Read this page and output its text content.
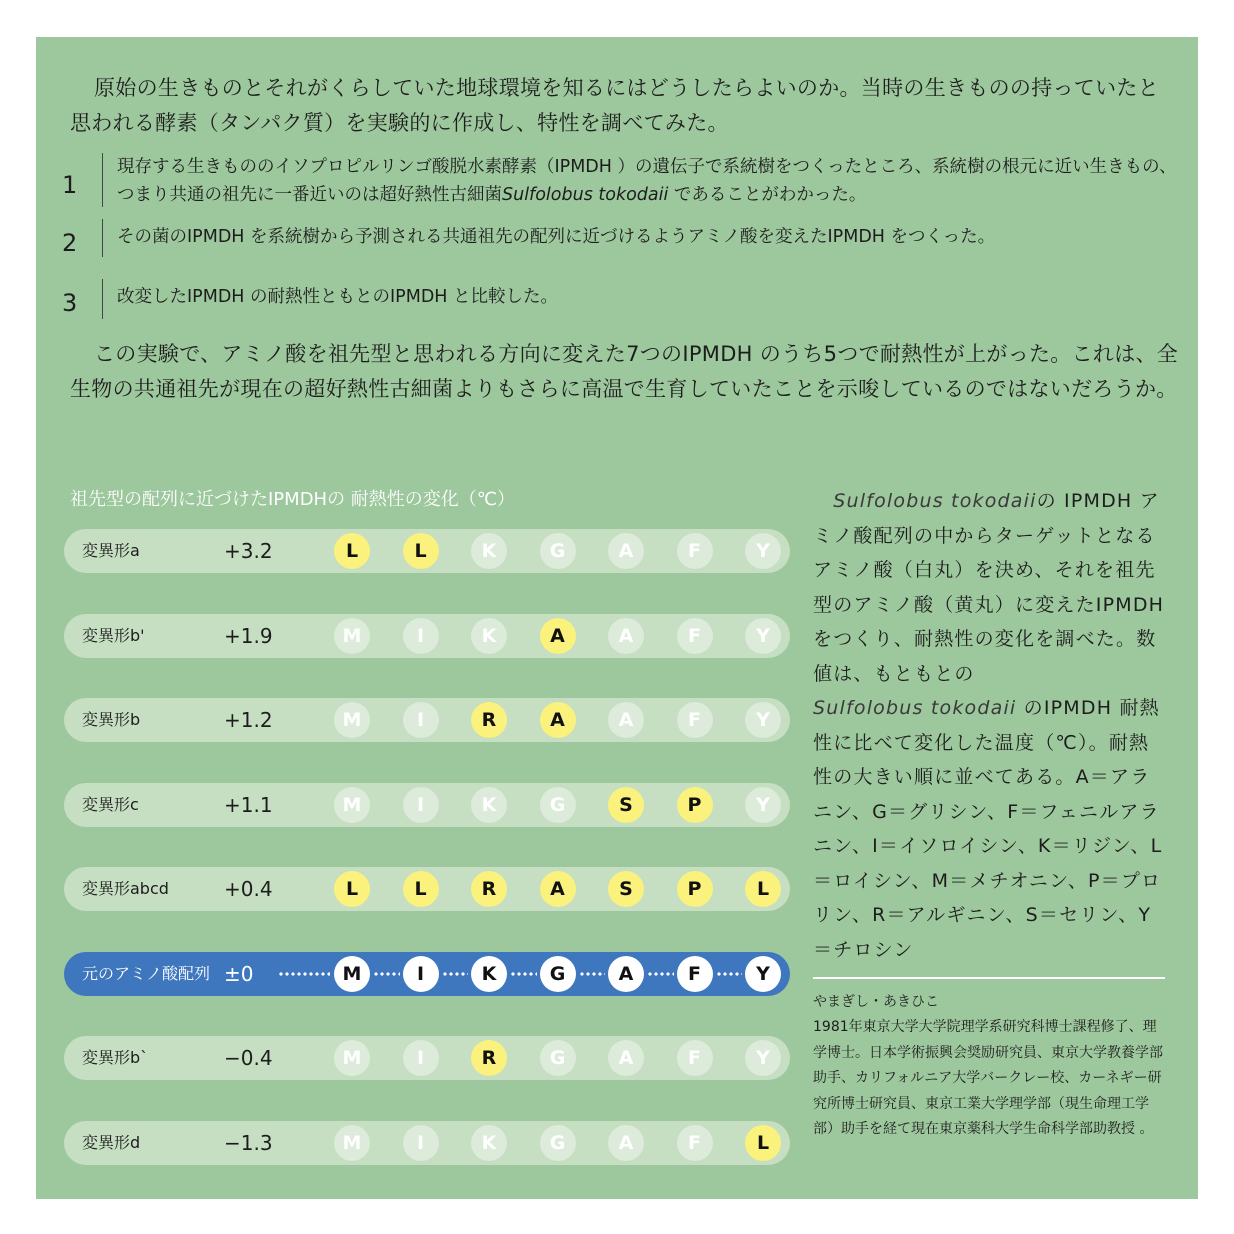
原始の生きものとそれがくらしていた地球環境を知るにはどうしたらよいのか。当時の生きものの持っていたと思われる酵素（タンパク質）を実験的に作成し、特性を調べてみた。

1

現存する生きもののイソプロピルリンゴ酸脱水素酵素（IPMDH ）の遺伝子で系統樹をつくったところ、系統樹の根元に近い生きもの、つまり共通の祖先に一番近いのは超好熱性古細菌Sulfolobus tokodaii であることがわかった。

2	その菌のIPMDH を系統樹から予測される共通祖先の配列に近づけるようアミノ酸を変えたIPMDH をつくった。

3	改変したIPMDH の耐熱性ともとのIPMDH と比較した。

この実験で、アミノ酸を祖先型と思われる方向に変えた7つのIPMDH のうち5つで耐熱性が上がった。これは、全生物の共通祖先が現在の超好熱性古細菌よりもさらに高温で生育していたことを示唆しているのではないだろうか。

祖先型の配列に近づけたIPMDHの 耐熱性の変化（℃）

変異形a	+3.2	L	L	K	G	A	F	Y
変異形b'	+1.9	M	I	K	A	A	F	Y
変異形b	+1.2	M	I	R	A	A	F	Y
変異形c	+1.1	M	I	K	G	S	P	Y
変異形abcd	+0.4	L	L	R	A	S	P	L
元のアミノ酸配列 ±0	M	I	K	G	A	F	Y
変異形b`	−0.4	M	I	R	G	A	F	Y
変異形d	−1.3	M	I	K	G	A	F	L

　Sulfolobus tokodaiiの IPMDH アミノ酸配列の中からターゲットとなるアミノ酸（白丸）を決め、それを祖先型のアミノ酸（黄丸）に変えたIPMDHをつくり、耐熱性の変化を調べた。数値は、もともとの
Sulfolobus tokodaii のIPMDH 耐熱性に比べて変化した温度（℃）。耐熱性の大きい順に並べてある。A＝アラニン、G＝グリシン、F＝フェニルアラニン、I＝イソロイシン、K＝リジン、L＝ロイシン、M＝メチオニン、P＝プロリン、R＝アルギニン、S＝セリン、Y＝チロシン

やまぎし・あきひこ

1981年東京大学大学院理学系研究科博士課程修了、理学博士。日本学術振興会奨励研究員、東京大学教養学部助手、カリフォルニア大学バークレー校、カーネギー研究所博士研究員、東京工業大学理学部（現生命理工学部）助手を経て現在東京薬科大学生命科学部助教授 。
